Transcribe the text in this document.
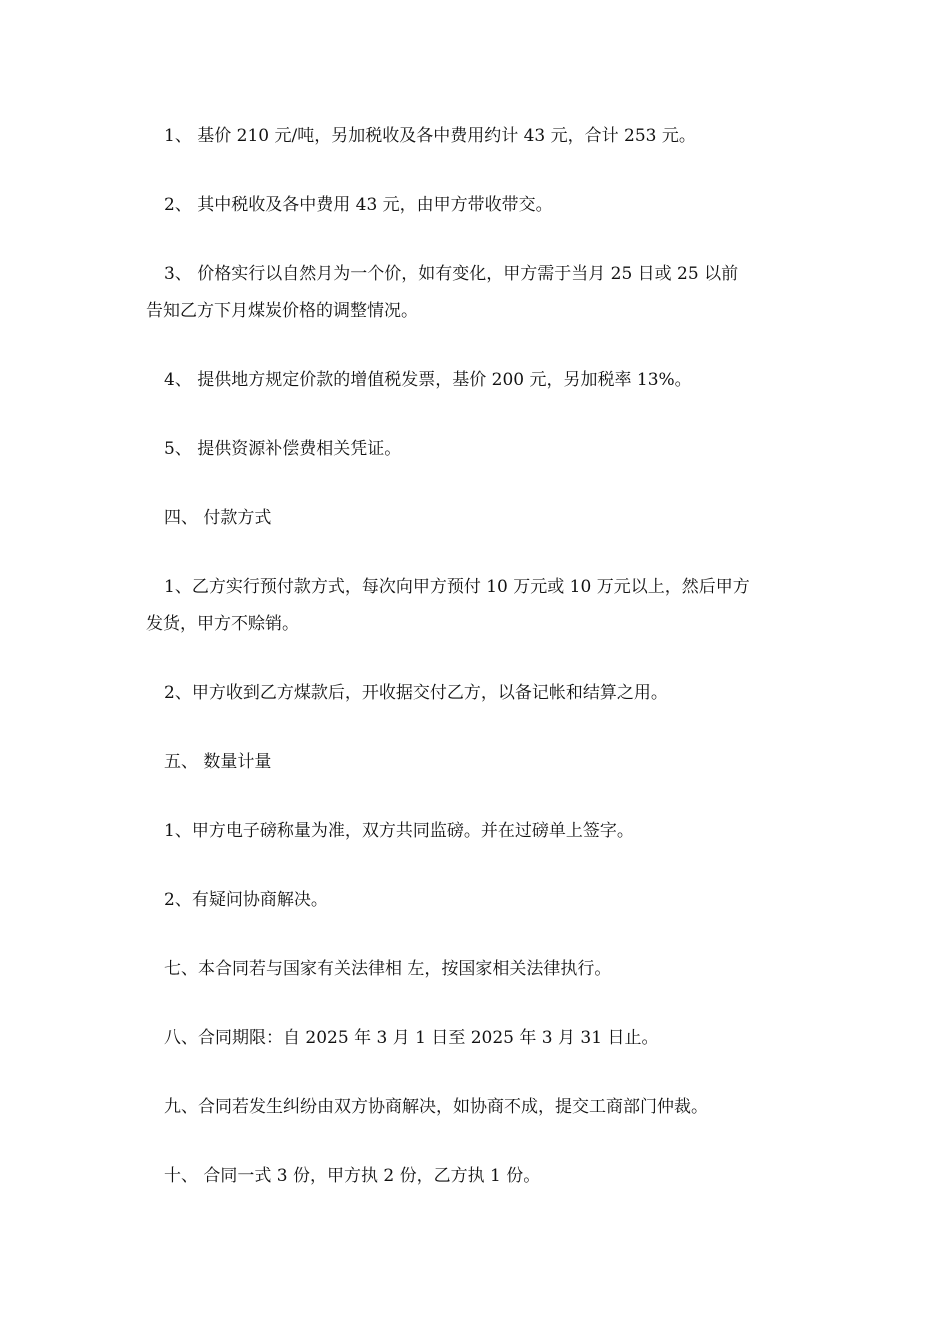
1、 基价 210 元/吨，另加税收及各中费用约计 43 元，合计 253 元。
2、 其中税收及各中费用 43 元，由甲方带收带交。
3、 价格实行以自然月为一个价，如有变化，甲方需于当月 25 日或 25 以前
告知乙方下月煤炭价格的调整情况。
4、 提供地方规定价款的增值税发票，基价 200 元，另加税率 13%。
5、 提供资源补偿费相关凭证。
四、 付款方式
1、乙方实行预付款方式，每次向甲方预付 10 万元或 10 万元以上，然后甲方
发货，甲方不赊销。
2、甲方收到乙方煤款后，开收据交付乙方，以备记帐和结算之用。
五、 数量计量
1、甲方电子磅称量为准，双方共同监磅。并在过磅单上签字。
2、有疑问协商解决。
七、本合同若与国家有关法律相 左，按国家相关法律执行。
八、合同期限：自 2025 年 3 月 1 日至 2025 年 3 月 31 日止。
九、合同若发生纠纷由双方协商解决，如协商不成，提交工商部门仲裁。
十、 合同一式 3 份，甲方执 2 份，乙方执 1 份。
